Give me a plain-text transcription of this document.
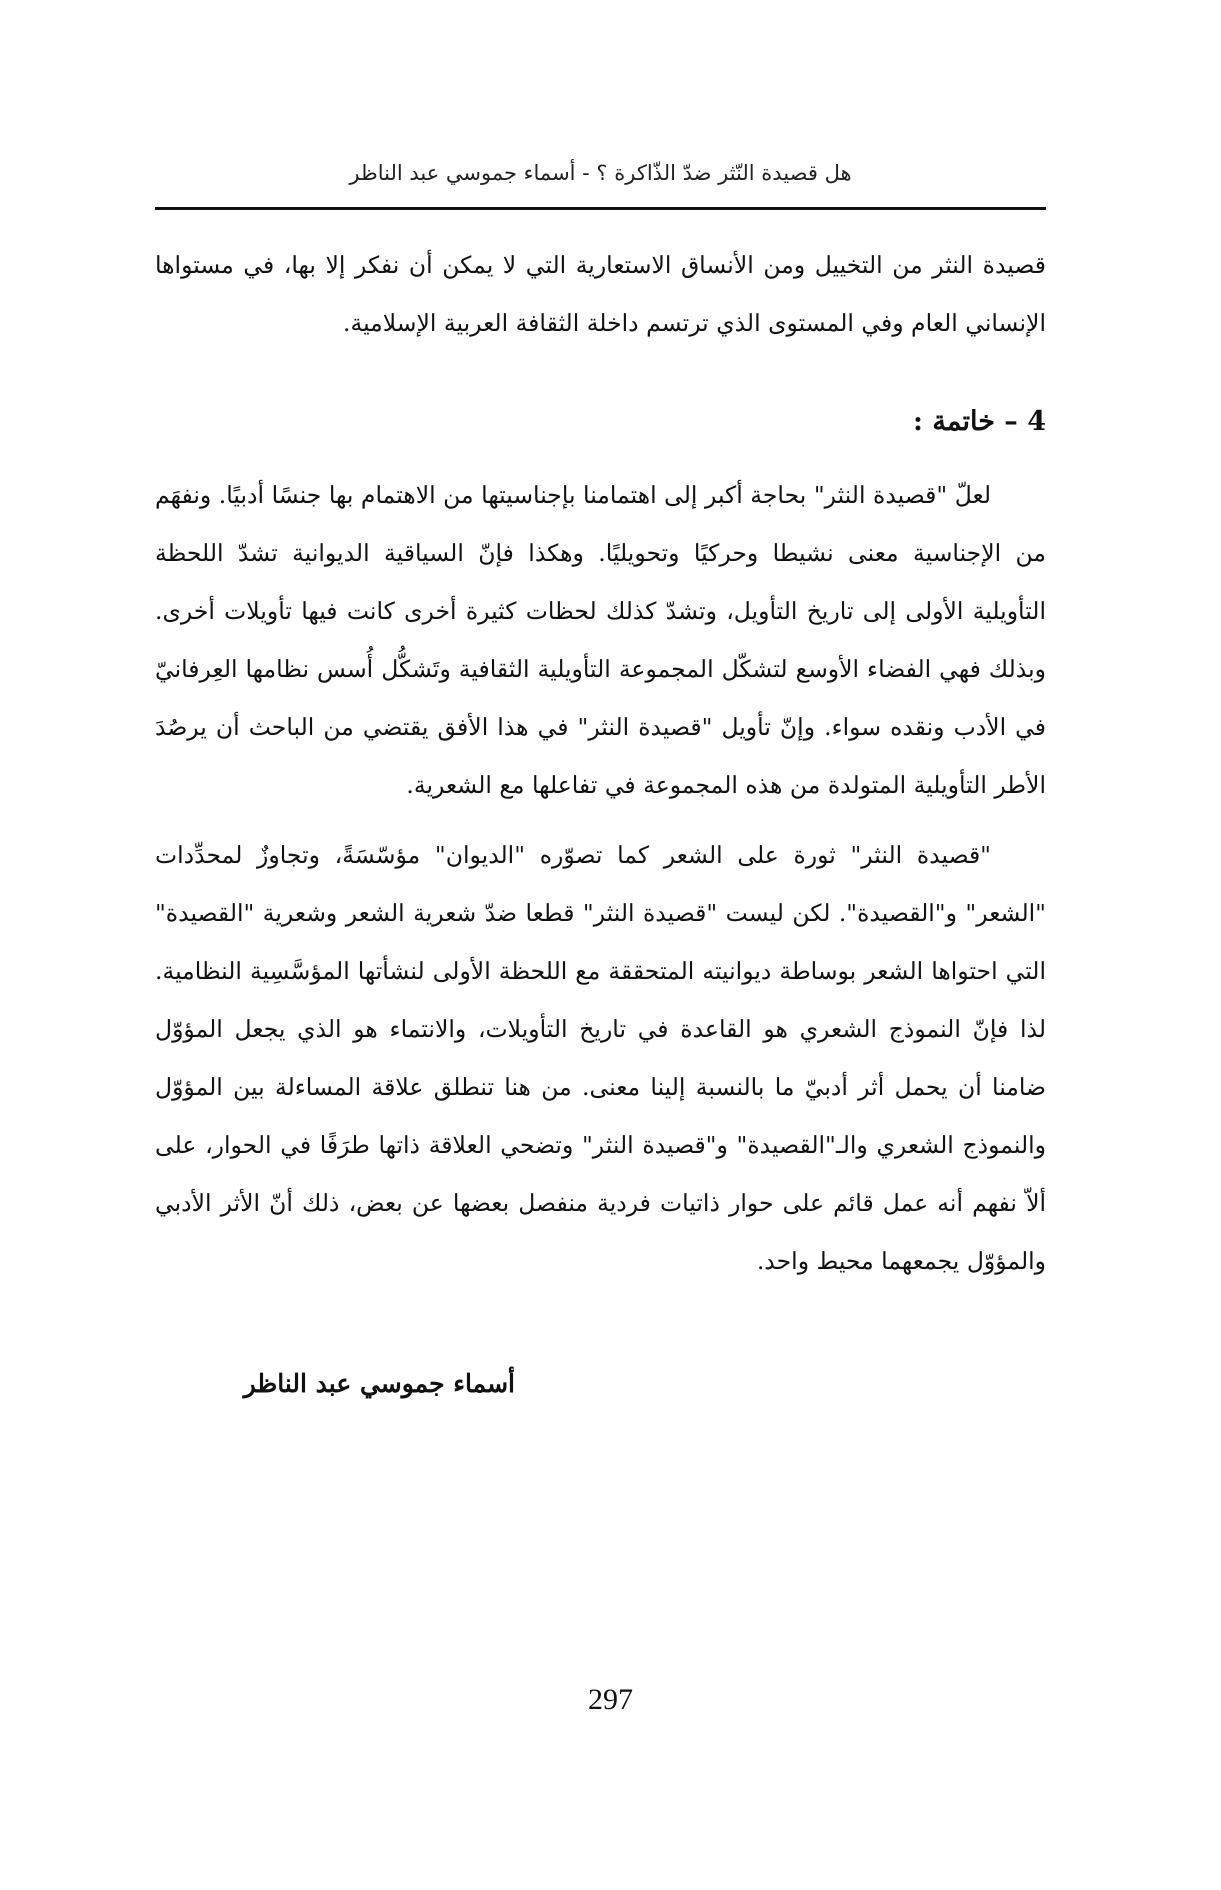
هل قصيدة النّثر ضدّ الذّاكرة ؟ - أسماء جموسي عبد الناظر

قصيدة النثر من التخييل ومن الأنساق الاستعارية التي لا يمكن أن نفكر إلا بها، في مستواها الإنساني العام وفي المستوى الذي ترتسم داخلة الثقافة العربية الإسلامية.

4 – خاتمة :

لعلّ "قصيدة النثر" بحاجة أكبر إلى اهتمامنا بإجناسيتها من الاهتمام بها جنسًا أدبيًا. ونفهَم من الإجناسية معنى نشيطا وحركيًا وتحويليًا. وهكذا فإنّ السياقية الديوانية تشدّ اللحظة التأويلية الأولى إلى تاريخ التأويل، وتشدّ كذلك لحظات كثيرة أخرى كانت فيها تأويلات أخرى. وبذلك فهي الفضاء الأوسع لتشكّل المجموعة التأويلية الثقافية وتَشكُّل أُسس نظامها العِرفانيّ في الأدب ونقده سواء. وإنّ تأويل "قصيدة النثر" في هذا الأفق يقتضي من الباحث أن يرصُدَ الأطر التأويلية المتولدة من هذه المجموعة في تفاعلها مع الشعرية.

"قصيدة النثر" ثورة على الشعر كما تصوّره "الديوان" مؤسّسَةً، وتجاوزٌ لمحدِّدات "الشعر" و"القصيدة". لكن ليست "قصيدة النثر" قطعا ضدّ شعرية الشعر وشعرية "القصيدة" التي احتواها الشعر بوساطة ديوانيته المتحققة مع اللحظة الأولى لنشأتها المؤسَّسِية النظامية. لذا فإنّ النموذج الشعري هو القاعدة في تاريخ التأويلات، والانتماء هو الذي يجعل المؤوّل ضامنا أن يحمل أثر أدبيّ ما بالنسبة إلينا معنى. من هنا تنطلق علاقة المساءلة بين المؤوّل والنموذج الشعري والـ"القصيدة" و"قصيدة النثر" وتضحي العلاقة ذاتها طرَفًا في الحوار، على ألاّ نفهم أنه عمل قائم على حوار ذاتيات فردية منفصل بعضها عن بعض، ذلك أنّ الأثر الأدبي والمؤوّل يجمعهما محيط واحد.

أسماء جموسي عبد الناظر
297
